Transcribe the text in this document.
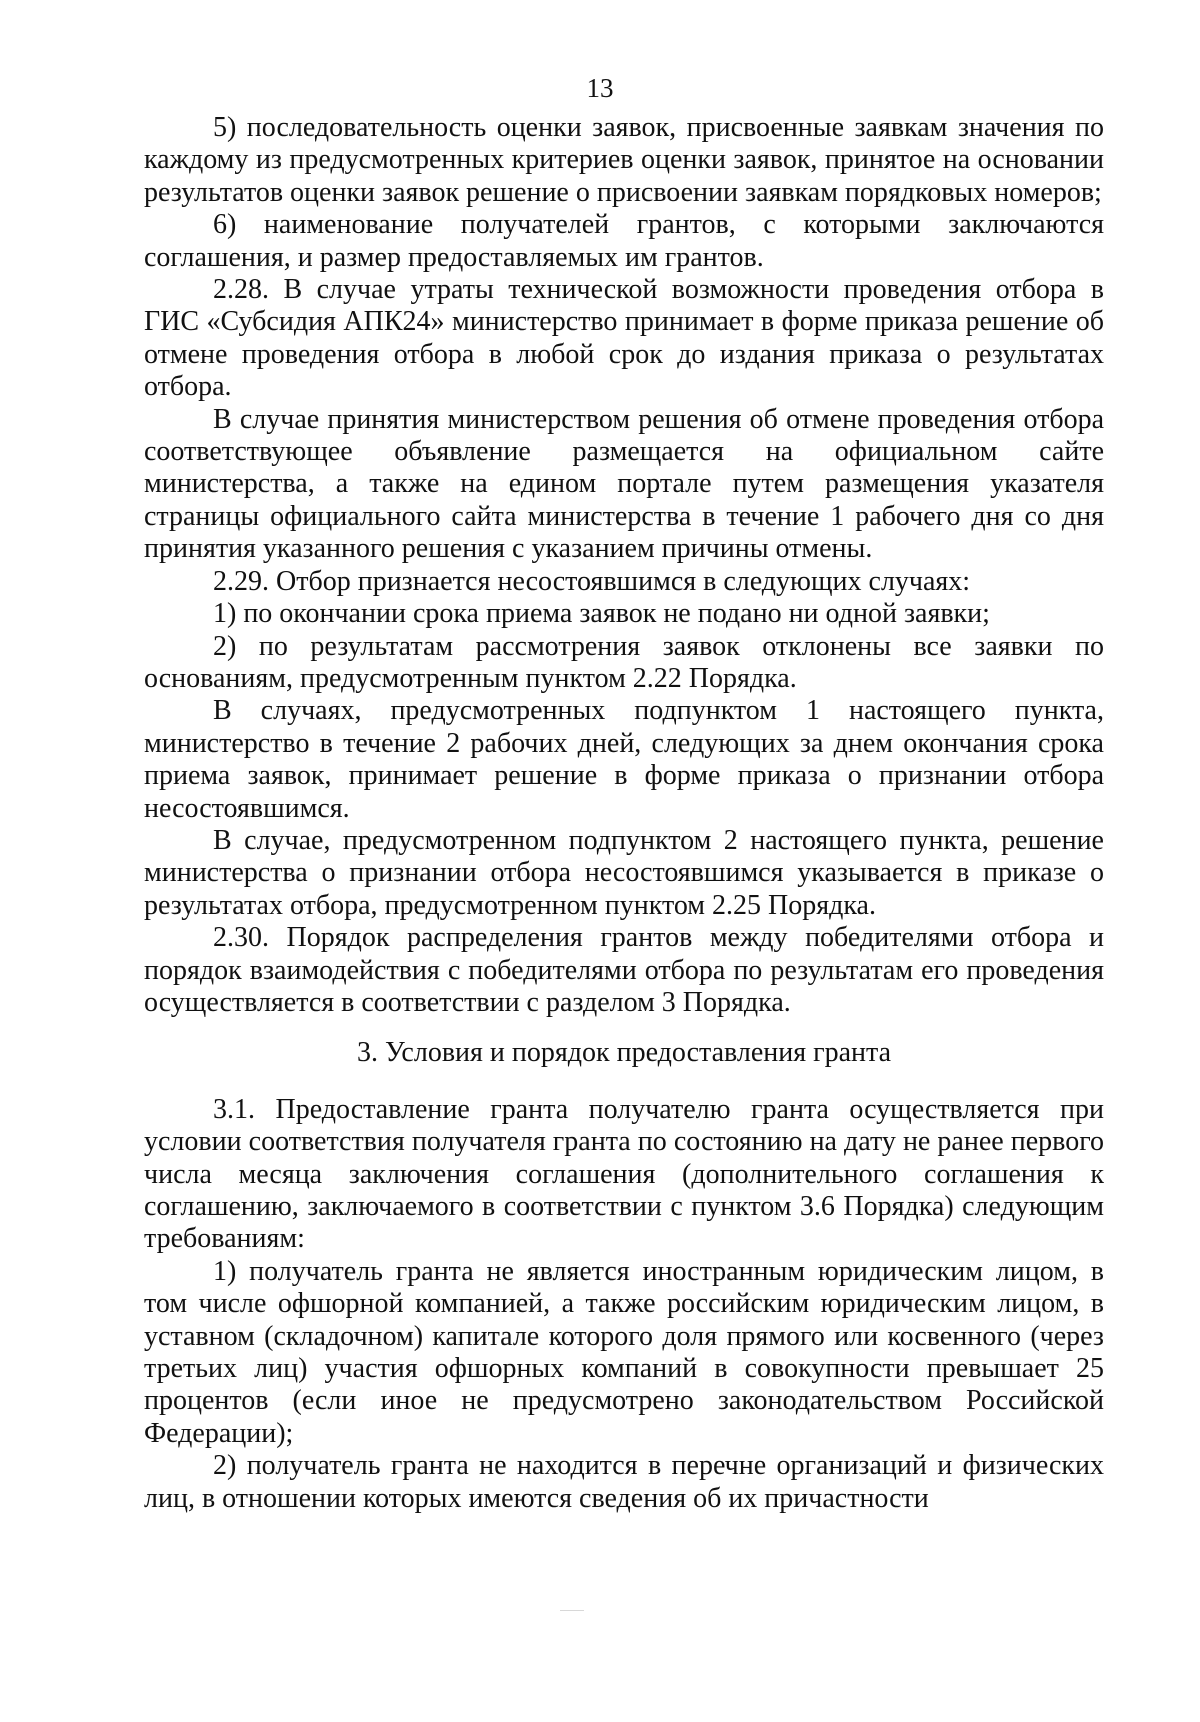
13

5) последовательность оценки заявок, присвоенные заявкам значения по каждому из предусмотренных критериев оценки заявок, принятое на основании результатов оценки заявок решение о присвоении заявкам порядковых номеров;

6) наименование получателей грантов, с которыми заключаются соглашения, и размер предоставляемых им грантов.

2.28. В случае утраты технической возможности проведения отбора в ГИС «Субсидия АПК24» министерство принимает в форме приказа решение об отмене проведения отбора в любой срок до издания приказа о результатах отбора.

В случае принятия министерством решения об отмене проведения отбора соответствующее объявление размещается на официальном сайте министерства, а также на едином портале путем размещения указателя страницы официального сайта министерства в течение 1 рабочего дня со дня принятия указанного решения с указанием причины отмены.

2.29. Отбор признается несостоявшимся в следующих случаях:

1) по окончании срока приема заявок не подано ни одной заявки;

2) по результатам рассмотрения заявок отклонены все заявки по основаниям, предусмотренным пунктом 2.22 Порядка.

В случаях, предусмотренных подпунктом 1 настоящего пункта, министерство в течение 2 рабочих дней, следующих за днем окончания срока приема заявок, принимает решение в форме приказа о признании отбора несостоявшимся.

В случае, предусмотренном подпунктом 2 настоящего пункта, решение министерства о признании отбора несостоявшимся указывается в приказе о результатах отбора, предусмотренном пунктом 2.25 Порядка.

2.30. Порядок распределения грантов между победителями отбора и порядок взаимодействия с победителями отбора по результатам его проведения осуществляется в соответствии с разделом 3 Порядка.

3. Условия и порядок предоставления гранта

3.1. Предоставление гранта получателю гранта осуществляется при условии соответствия получателя гранта по состоянию на дату не ранее первого числа месяца заключения соглашения (дополнительного соглашения к соглашению, заключаемого в соответствии с пунктом 3.6 Порядка) следующим требованиям:

1) получатель гранта не является иностранным юридическим лицом, в том числе офшорной компанией, а также российским юридическим лицом, в уставном (складочном) капитале которого доля прямого или косвенного (через третьих лиц) участия офшорных компаний в совокупности превышает 25 процентов (если иное не предусмотрено законодательством Российской Федерации);

2) получатель гранта не находится в перечне организаций и физических лиц, в отношении которых имеются сведения об их причастности
